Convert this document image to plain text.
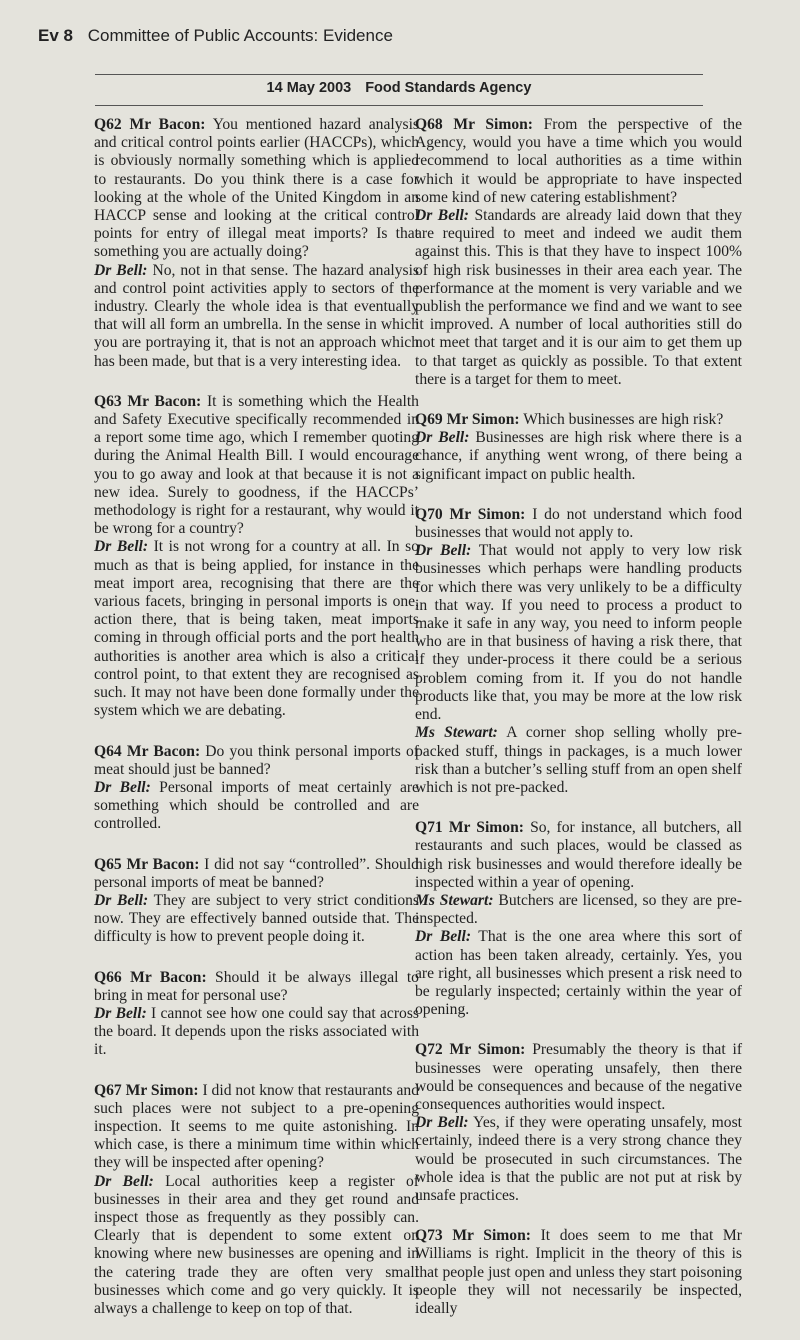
Ev 8 Committee of Public Accounts: Evidence
14 May 2003 Food Standards Agency

Q62 Mr Bacon: You mentioned hazard analysis and critical control points earlier (HACCPs), which is obviously normally something which is applied to restaurants. Do you think there is a case for looking at the whole of the United Kingdom in an HACCP sense and looking at the critical control points for entry of illegal meat imports? Is that something you are actually doing?

Dr Bell: No, not in that sense. The hazard analysis and control point activities apply to sectors of the industry. Clearly the whole idea is that eventually that will all form an umbrella. In the sense in which you are portraying it, that is not an approach which has been made, but that is a very interesting idea.

Q63 Mr Bacon: It is something which the Health and Safety Executive specifically recommended in a report some time ago, which I remember quoting during the Animal Health Bill. I would encourage you to go away and look at that because it is not a new idea. Surely to goodness, if the HACCPs’ methodology is right for a restaurant, why would it be wrong for a country?

Dr Bell: It is not wrong for a country at all. In so much as that is being applied, for instance in the meat import area, recognising that there are the various facets, bringing in personal imports is one, action there, that is being taken, meat imports coming in through official ports and the port health authorities is another area which is also a critical control point, to that extent they are recognised as such. It may not have been done formally under the system which we are debating.

Q64 Mr Bacon: Do you think personal imports of meat should just be banned?

Dr Bell: Personal imports of meat certainly are something which should be controlled and are controlled.

Q65 Mr Bacon: I did not say “controlled”. Should personal imports of meat be banned?

Dr Bell: They are subject to very strict conditions now. They are effectively banned outside that. The difficulty is how to prevent people doing it.

Q66 Mr Bacon: Should it be always illegal to bring in meat for personal use?

Dr Bell: I cannot see how one could say that across the board. It depends upon the risks associated with it.

Q67 Mr Simon: I did not know that restaurants and such places were not subject to a pre-opening inspection. It seems to me quite astonishing. In which case, is there a minimum time within which they will be inspected after opening?

Dr Bell: Local authorities keep a register of businesses in their area and they get round and inspect those as frequently as they possibly can. Clearly that is dependent to some extent on knowing where new businesses are opening and in the catering trade they are often very small businesses which come and go very quickly. It is always a challenge to keep on top of that.

Q68 Mr Simon: From the perspective of the Agency, would you have a time which you would recommend to local authorities as a time within which it would be appropriate to have inspected some kind of new catering establishment?

Dr Bell: Standards are already laid down that they are required to meet and indeed we audit them against this. This is that they have to inspect 100% of high risk businesses in their area each year. The performance at the moment is very variable and we publish the performance we find and we want to see it improved. A number of local authorities still do not meet that target and it is our aim to get them up to that target as quickly as possible. To that extent there is a target for them to meet.

Q69 Mr Simon: Which businesses are high risk?

Dr Bell: Businesses are high risk where there is a chance, if anything went wrong, of there being a significant impact on public health.

Q70 Mr Simon: I do not understand which food businesses that would not apply to.

Dr Bell: That would not apply to very low risk businesses which perhaps were handling products for which there was very unlikely to be a difficulty in that way. If you need to process a product to make it safe in any way, you need to inform people who are in that business of having a risk there, that if they under-process it there could be a serious problem coming from it. If you do not handle products like that, you may be more at the low risk end.

Ms Stewart: A corner shop selling wholly pre-packed stuff, things in packages, is a much lower risk than a butcher’s selling stuff from an open shelf which is not pre-packed.

Q71 Mr Simon: So, for instance, all butchers, all restaurants and such places, would be classed as high risk businesses and would therefore ideally be inspected within a year of opening.

Ms Stewart: Butchers are licensed, so they are pre-inspected.

Dr Bell: That is the one area where this sort of action has been taken already, certainly. Yes, you are right, all businesses which present a risk need to be regularly inspected; certainly within the year of opening.

Q72 Mr Simon: Presumably the theory is that if businesses were operating unsafely, then there would be consequences and because of the negative consequences authorities would inspect.

Dr Bell: Yes, if they were operating unsafely, most certainly, indeed there is a very strong chance they would be prosecuted in such circumstances. The whole idea is that the public are not put at risk by unsafe practices.

Q73 Mr Simon: It does seem to me that Mr Williams is right. Implicit in the theory of this is that people just open and unless they start poisoning people they will not necessarily be inspected, ideally
